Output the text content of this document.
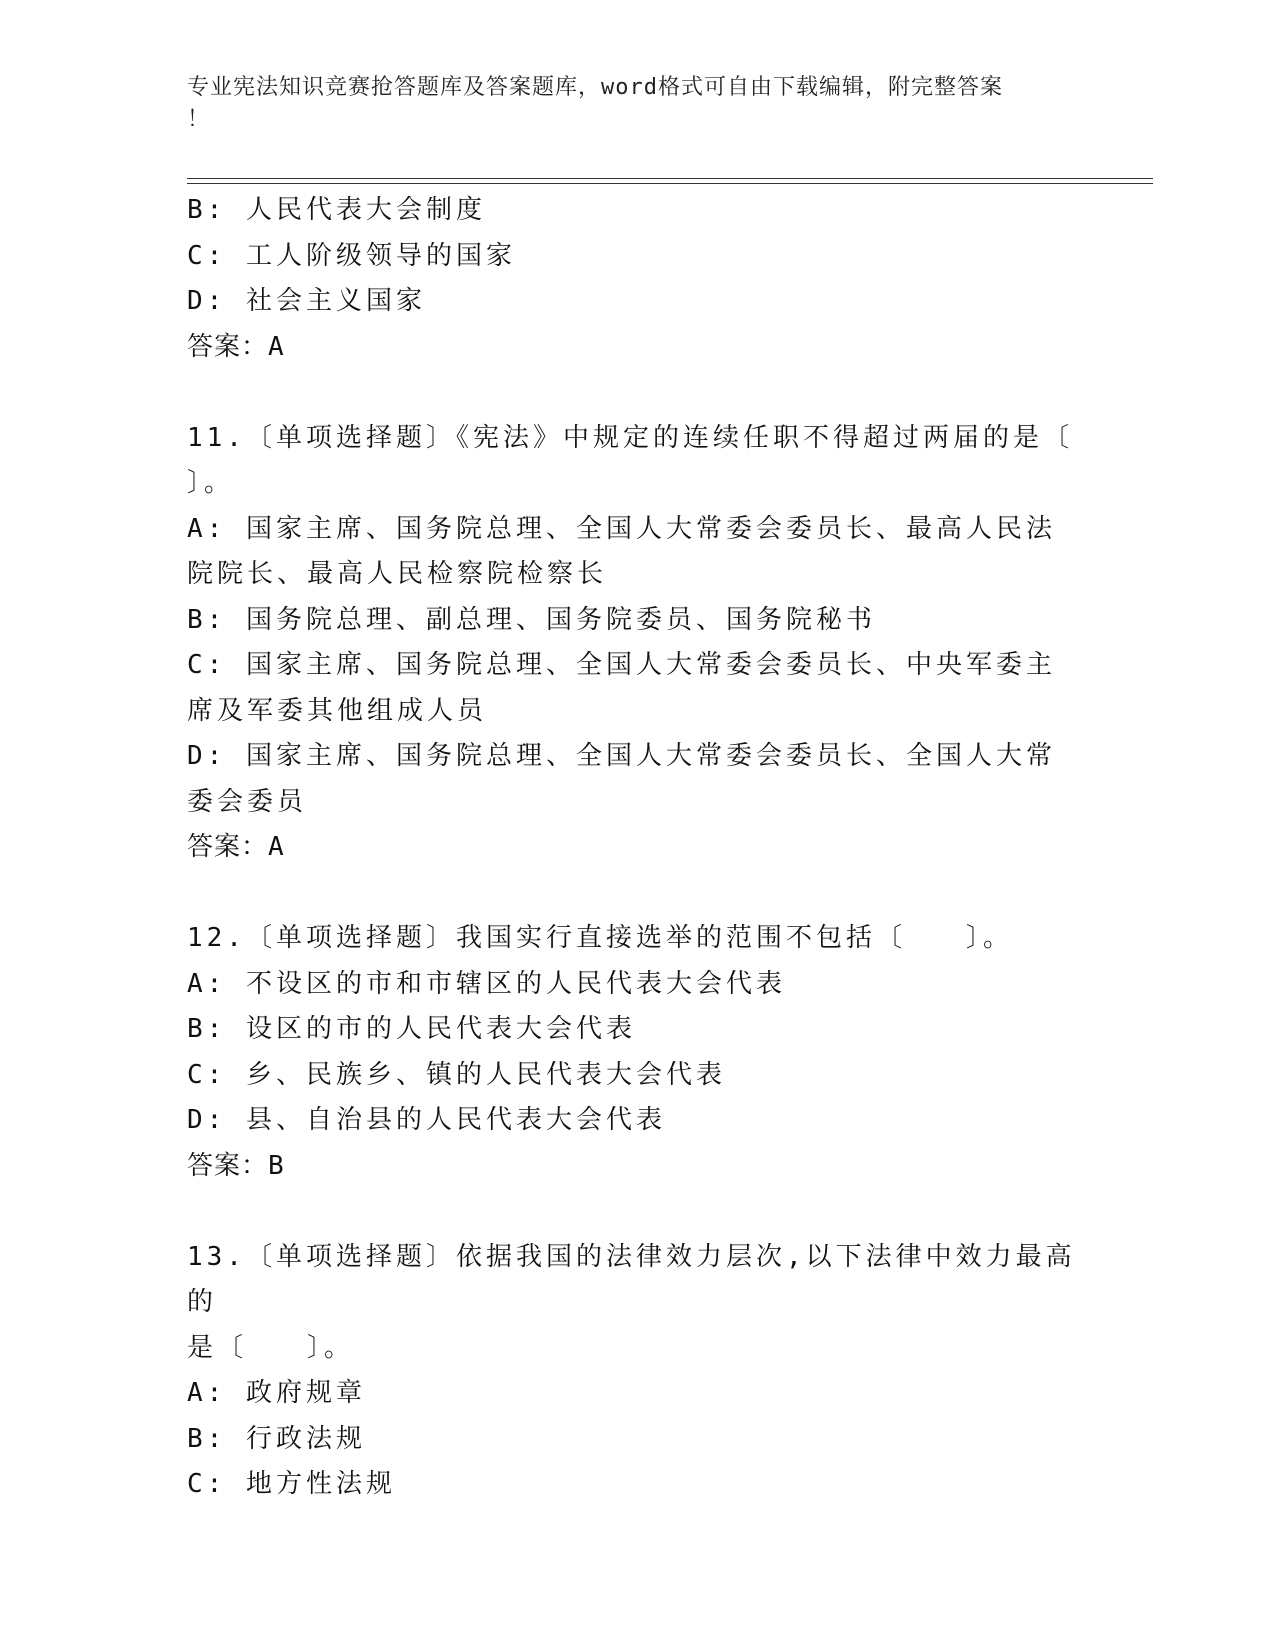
专业宪法知识竞赛抢答题库及答案题库，word格式可自由下载编辑，附完整答案
！

B: 人民代表大会制度

C: 工人阶级领导的国家

D: 社会主义国家

答案：A

11.〔单项选择题〕《宪法》中规定的连续任职不得超过两届的是〔

〕。

A: 国家主席、国务院总理、全国人大常委会委员长、最高人民法院院长、最高人民检察院检察长

B: 国务院总理、副总理、国务院委员、国务院秘书

C: 国家主席、国务院总理、全国人大常委会委员长、中央军委主席及军委其他组成人员

D: 国家主席、国务院总理、全国人大常委会委员长、全国人大常委会委员

答案：A

12.〔单项选择题〕我国实行直接选举的范围不包括〔　　〕。

A: 不设区的市和市辖区的人民代表大会代表

B: 设区的市的人民代表大会代表

C: 乡、民族乡、镇的人民代表大会代表

D: 县、自治县的人民代表大会代表

答案：B

13.〔单项选择题〕依据我国的法律效力层次,以下法律中效力最高的

是〔　　〕。

A: 政府规章

B: 行政法规

C: 地方性法规
